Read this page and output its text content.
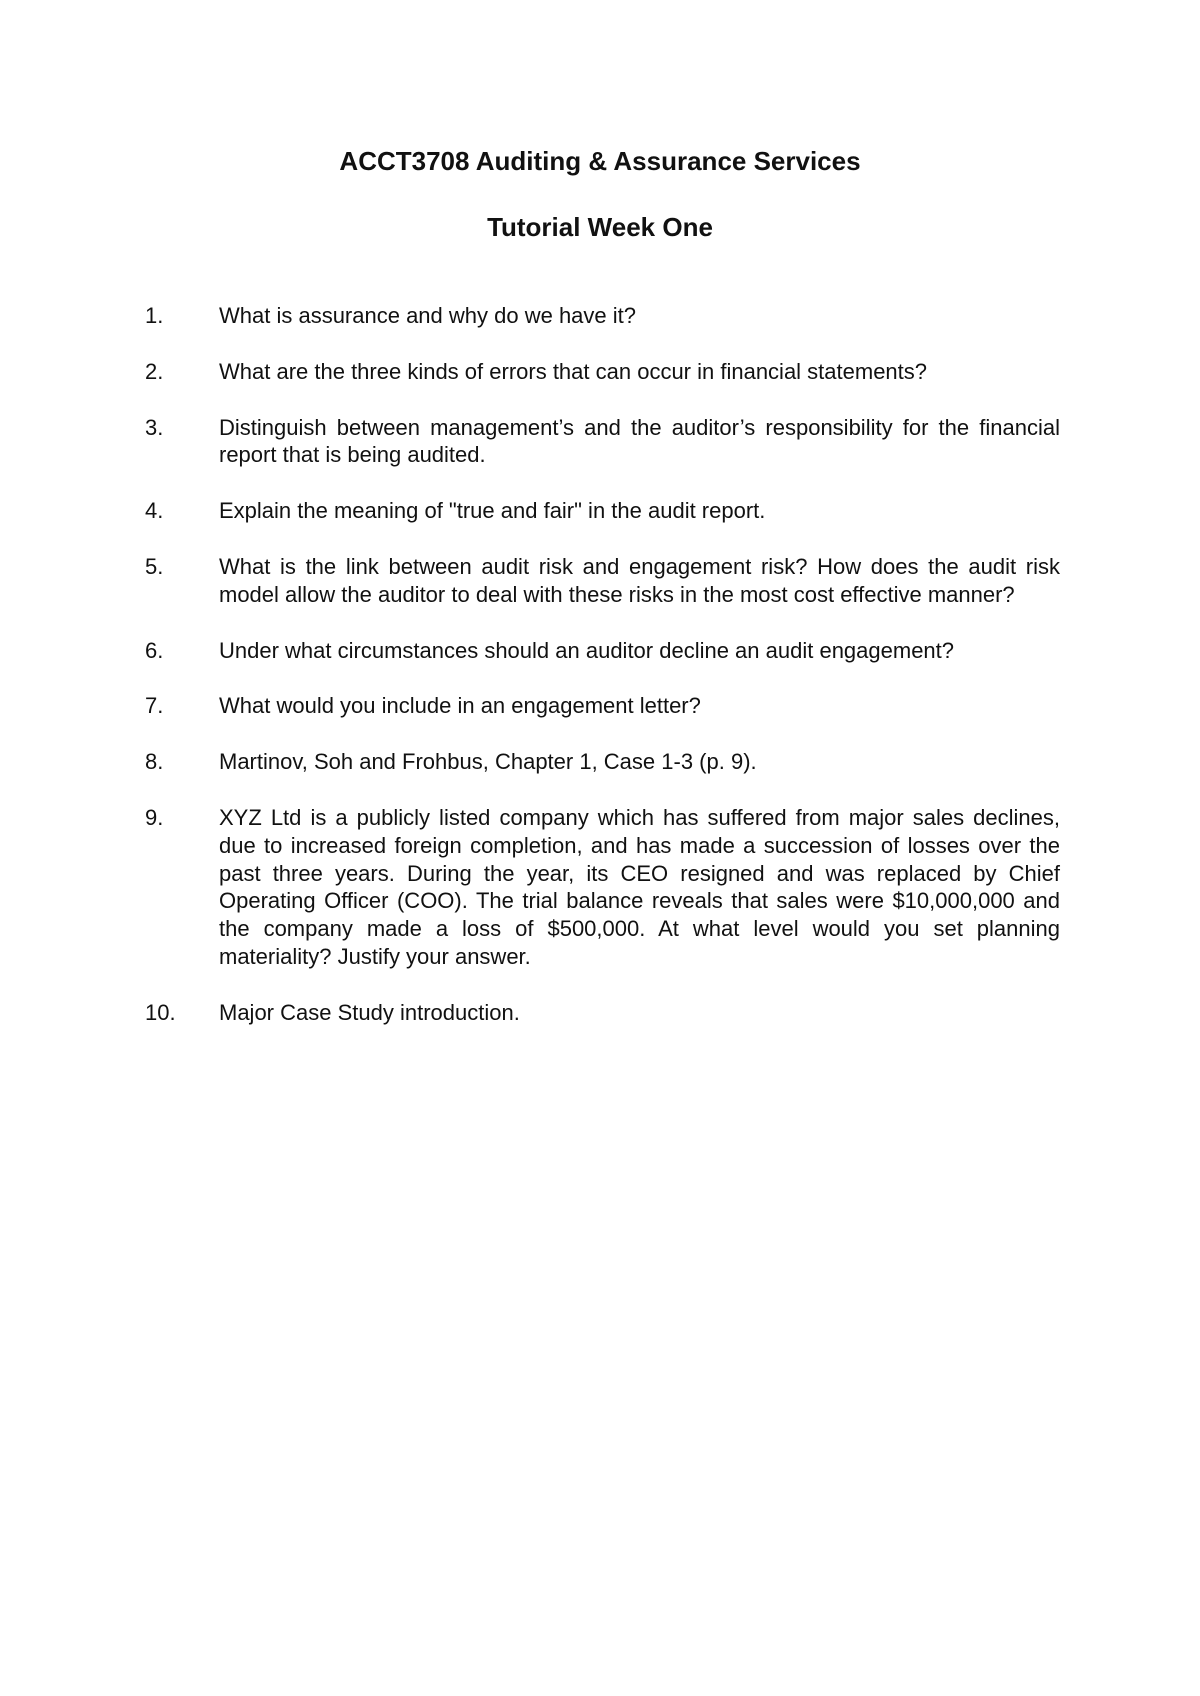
ACCT3708 Auditing & Assurance Services
Tutorial Week One
1.	What is assurance and why do we have it?
2.	What are the three kinds of errors that can occur in financial statements?
3.	Distinguish between management’s and the auditor’s responsibility for the financial report that is being audited.
4.	Explain the meaning of "true and fair" in the audit report.
5.	What is the link between audit risk and engagement risk? How does the audit risk model allow the auditor to deal with these risks in the most cost effective manner?
6.	Under what circumstances should an auditor decline an audit engagement?
7.	What would you include in an engagement letter?
8.	Martinov, Soh and Frohbus, Chapter 1, Case 1-3 (p. 9).
9.	XYZ Ltd is a publicly listed company which has suffered from major sales declines, due to increased foreign completion, and has made a succession of losses over the past three years. During the year, its CEO resigned and was replaced by Chief Operating Officer (COO). The trial balance reveals that sales were $10,000,000 and the company made a loss of $500,000. At what level would you set planning materiality? Justify your answer.
10.	Major Case Study introduction.
